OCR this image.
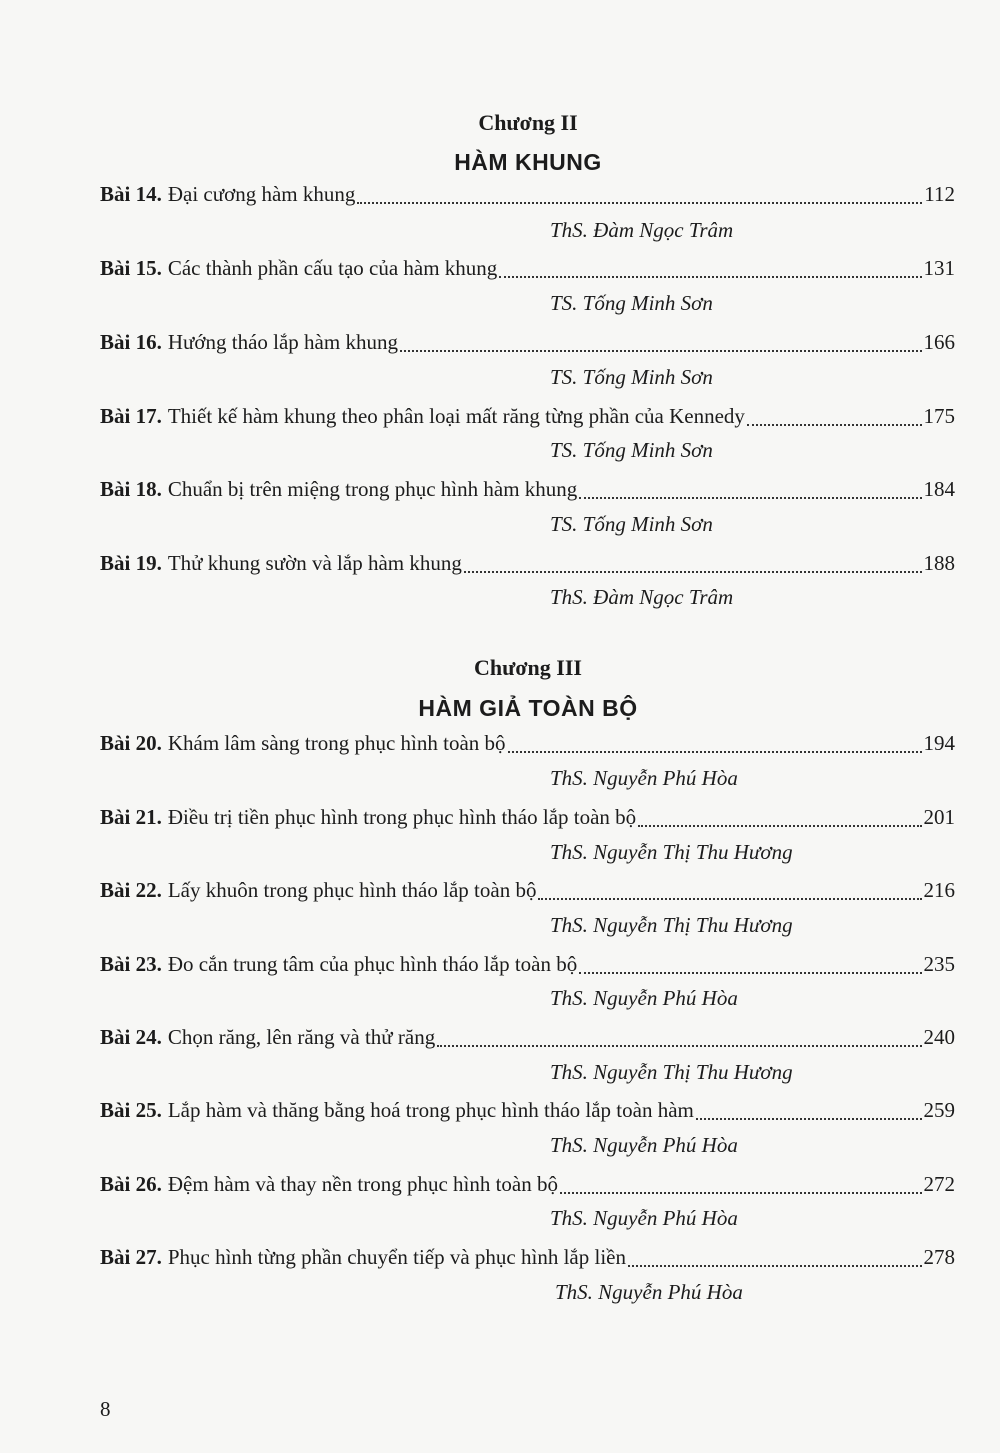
Chương II
HÀM KHUNG
Bài 14. Đại cương hàm khung	112
ThS. Đàm Ngọc Trâm
Bài 15. Các thành phần cấu tạo của hàm khung	131
TS. Tống Minh Sơn
Bài 16. Hướng tháo lắp hàm khung	166
TS. Tống Minh Sơn
Bài 17. Thiết kế hàm khung theo phân loại mất răng từng phần của Kennedy	175
TS. Tống Minh Sơn
Bài 18. Chuẩn bị trên miệng trong phục hình hàm khung	184
TS. Tống Minh Sơn
Bài 19. Thử khung sườn và lắp hàm khung	188
ThS. Đàm Ngọc Trâm
Chương III
HÀM GIẢ TOÀN BỘ
Bài 20. Khám lâm sàng trong phục hình toàn bộ	194
ThS. Nguyễn Phú Hòa
Bài 21. Điều trị tiền phục hình trong phục hình tháo lắp toàn bộ	201
ThS. Nguyễn Thị Thu Hương
Bài 22. Lấy khuôn trong phục hình tháo lắp toàn bộ	216
ThS. Nguyễn Thị Thu Hương
Bài 23. Đo cắn trung tâm của phục hình tháo lắp toàn bộ	235
ThS. Nguyễn Phú Hòa
Bài 24. Chọn răng, lên răng và thử răng	240
ThS. Nguyễn Thị Thu Hương
Bài 25. Lắp hàm và thăng bằng hoá trong phục hình tháo lắp toàn hàm	259
ThS. Nguyễn Phú Hòa
Bài 26. Đệm hàm và thay nền trong phục hình toàn bộ	272
ThS. Nguyễn Phú Hòa
Bài 27. Phục hình từng phần chuyển tiếp và phục hình lắp liền	278
ThS. Nguyễn Phú Hòa
8
